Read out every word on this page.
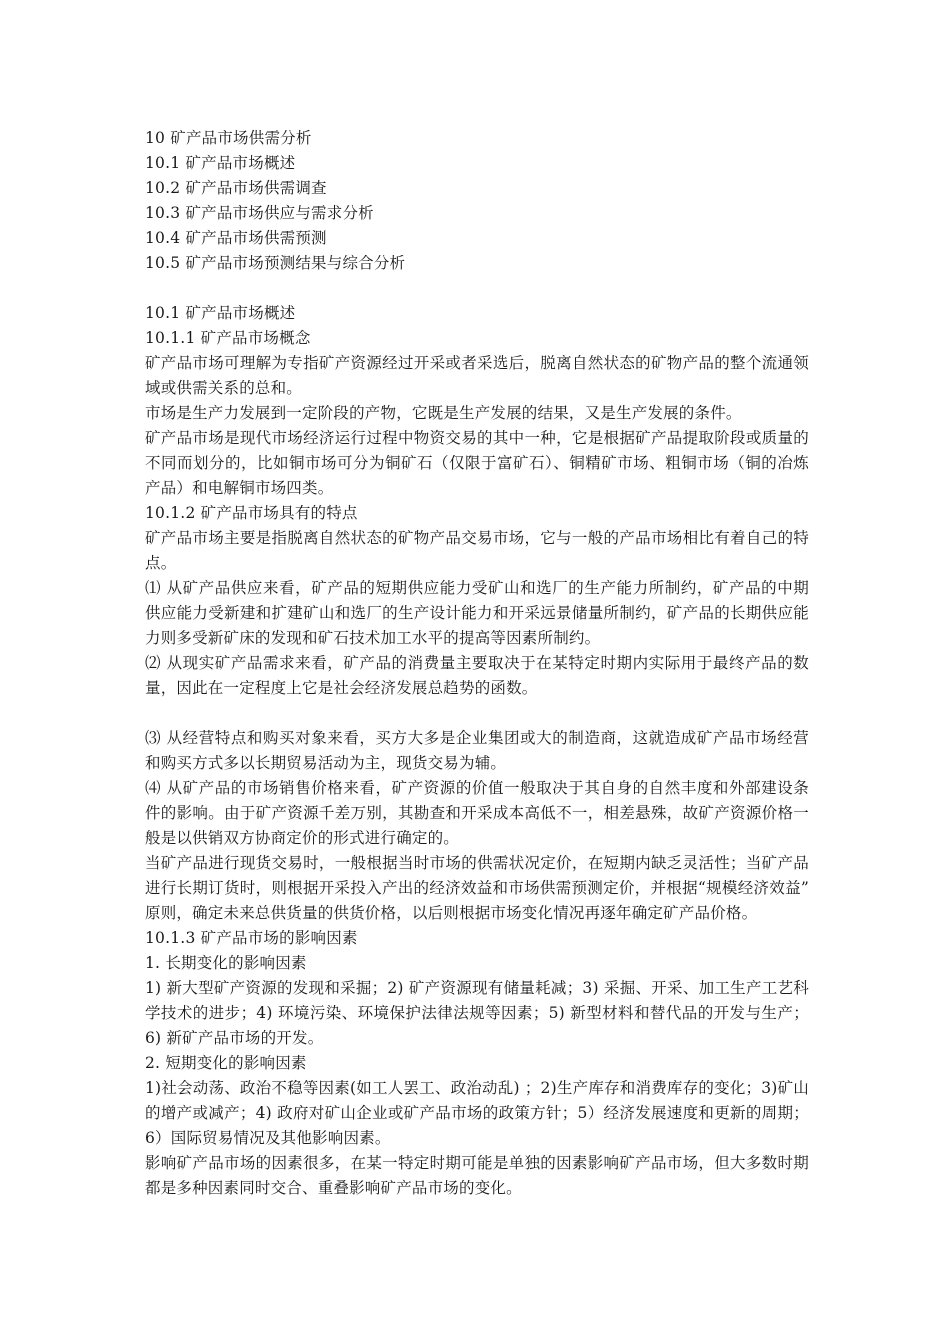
10 矿产品市场供需分析

10.1 矿产品市场概述

10.2 矿产品市场供需调查

10.3 矿产品市场供应与需求分析

10.4 矿产品市场供需预测

10.5 矿产品市场预测结果与综合分析

10.1 矿产品市场概述

10.1.1 矿产品市场概念

矿产品市场可理解为专指矿产资源经过开采或者采选后，脱离自然状态的矿物产品的整个流通领域或供需关系的总和。

市场是生产力发展到一定阶段的产物，它既是生产发展的结果，又是生产发展的条件。

矿产品市场是现代市场经济运行过程中物资交易的其中一种，它是根据矿产品提取阶段或质量的不同而划分的，比如铜市场可分为铜矿石（仅限于富矿石）、铜精矿市场、粗铜市场（铜的冶炼产品）和电解铜市场四类。

10.1.2 矿产品市场具有的特点

矿产品市场主要是指脱离自然状态的矿物产品交易市场，它与一般的产品市场相比有着自己的特点。

⑴ 从矿产品供应来看，矿产品的短期供应能力受矿山和选厂的生产能力所制约，矿产品的中期供应能力受新建和扩建矿山和选厂的生产设计能力和开采远景储量所制约，矿产品的长期供应能力则多受新矿床的发现和矿石技术加工水平的提高等因素所制约。

⑵ 从现实矿产品需求来看，矿产品的消费量主要取决于在某特定时期内实际用于最终产品的数量，因此在一定程度上它是社会经济发展总趋势的函数。

⑶ 从经营特点和购买对象来看，买方大多是企业集团或大的制造商，这就造成矿产品市场经营和购买方式多以长期贸易活动为主，现货交易为辅。

⑷ 从矿产品的市场销售价格来看，矿产资源的价值一般取决于其自身的自然丰度和外部建设条件的影响。由于矿产资源千差万别，其勘查和开采成本高低不一，相差悬殊，故矿产资源价格一般是以供销双方协商定价的形式进行确定的。

当矿产品进行现货交易时，一般根据当时市场的供需状况定价，在短期内缺乏灵活性；当矿产品进行长期订货时，则根据开采投入产出的经济效益和市场供需预测定价，并根据“规模经济效益”　原则，确定未来总供货量的供货价格，以后则根据市场变化情况再逐年确定矿产品价格。

10.1.3 矿产品市场的影响因素

1. 长期变化的影响因素

1) 新大型矿产资源的发现和采掘；2) 矿产资源现有储量耗减；3) 采掘、开采、加工生产工艺科学技术的进步；4) 环境污染、环境保护法律法规等因素；5) 新型材料和替代品的开发与生产；6) 新矿产品市场的开发。

2. 短期变化的影响因素

1)社会动荡、政治不稳等因素(如工人罢工、政治动乱) ；2)生产库存和消费库存的变化；3)矿山的增产或减产；4) 政府对矿山企业或矿产品市场的政策方针；5）经济发展速度和更新的周期；6）国际贸易情况及其他影响因素。

影响矿产品市场的因素很多，在某一特定时期可能是单独的因素影响矿产品市场，但大多数时期都是多种因素同时交合、重叠影响矿产品市场的变化。
